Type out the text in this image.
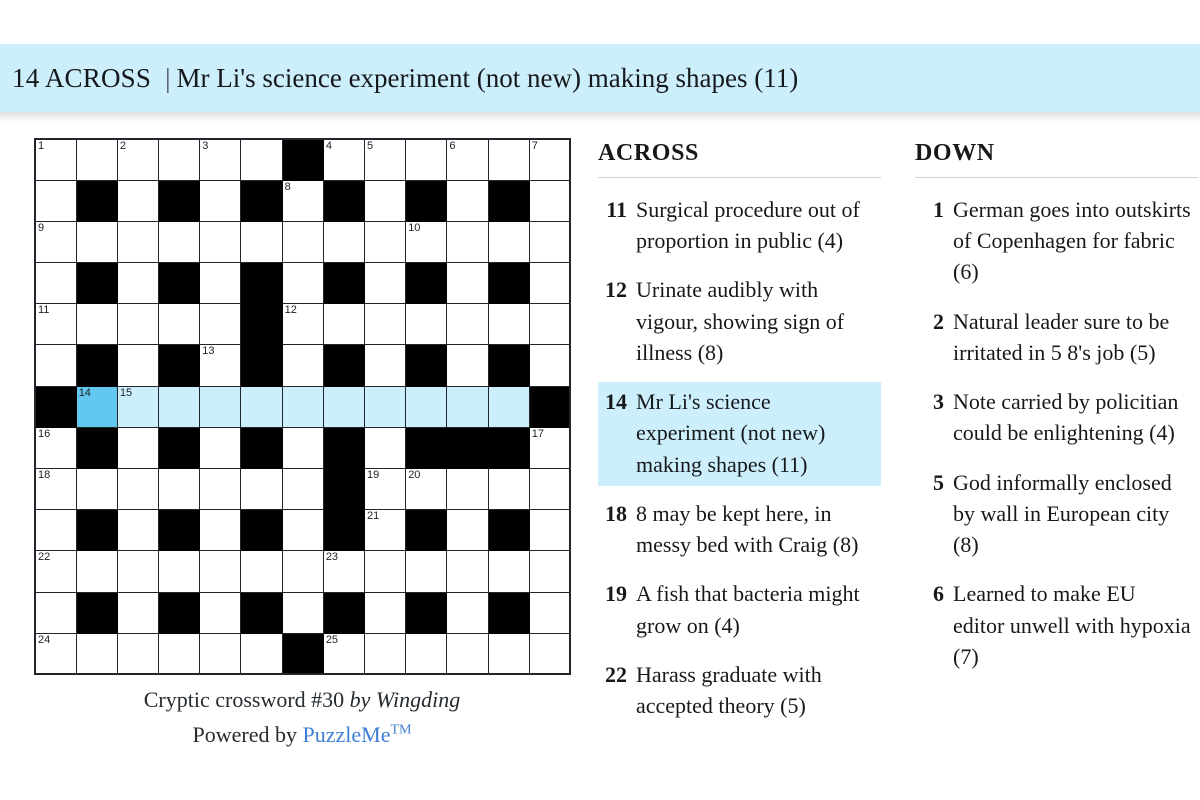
14 ACROSS | Mr Li's science experiment (not new) making shapes (11)
1		2		3			4	5		6		7

						8						

9									10			

11						12						

				13								

	14	15										

16												17

18								19	20			

								21				

22							23					

24							25					

Cryptic crossword #30 by Wingding
Powered by PuzzleMe™
ACROSS
11 Surgical procedure out of proportion in public (4)
12 Urinate audibly with vigour, showing sign of illness (8)
14 Mr Li's science experiment (not new) making shapes (11)
18 8 may be kept here, in messy bed with Craig (8)
19 A fish that bacteria might grow on (4)
22 Harass graduate with accepted theory (5)
DOWN
1 German goes into outskirts of Copenhagen for fabric (6)
2 Natural leader sure to be irritated in 5 8's job (5)
3 Note carried by policitian could be enlightening (4)
5 God informally enclosed by wall in European city (8)
6 Learned to make EU editor unwell with hypoxia (7)
